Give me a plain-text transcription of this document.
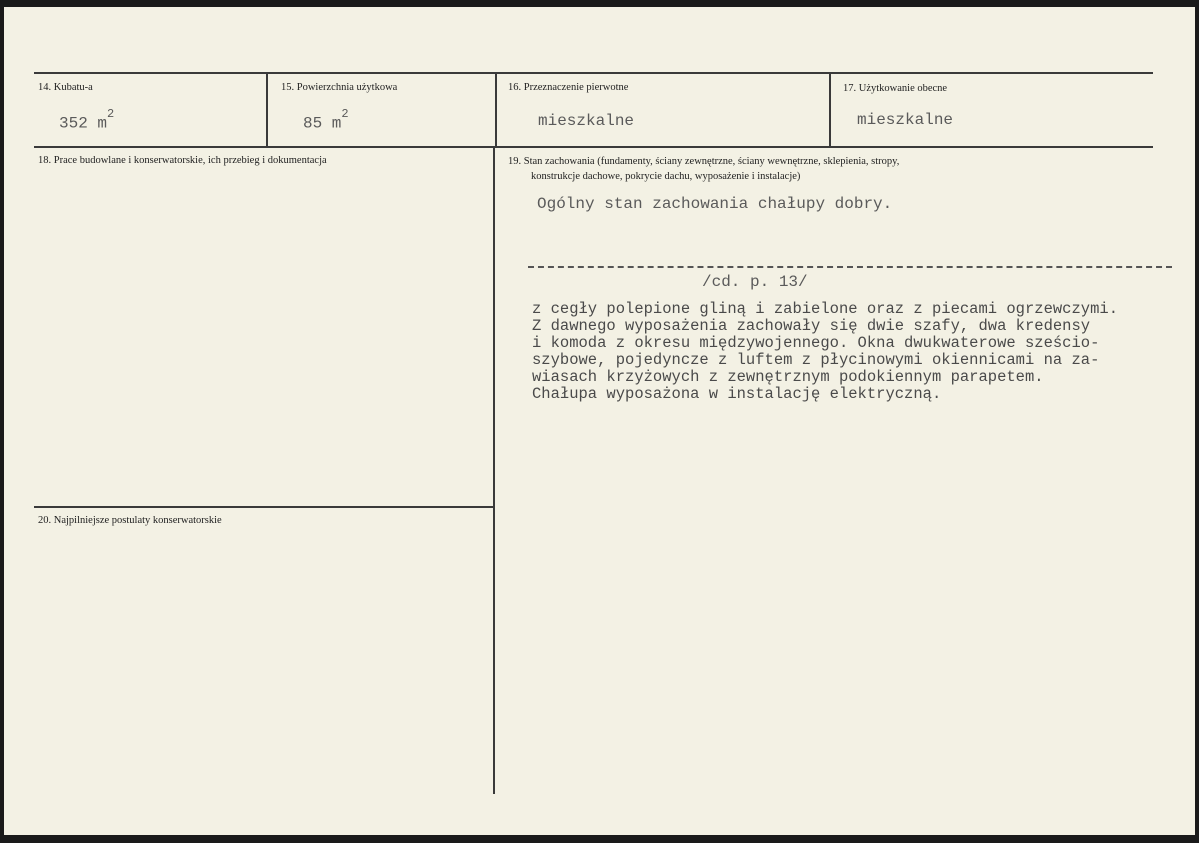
14. Kubatu‐a

352 $m^2$

15. Powierzchnia użytkowa

85 $m^2$

16. Przeznaczenie pierwotne

mieszkalne

17. Użytkowanie obecne

mieszkalne

18. Prace budowlane i konserwatorskie, ich przebieg i dokumentacja	19. Stan zachowania (fundamenty, ściany zewnętrzne, ściany wewnętrzne, sklepienia, stropy,

konstrukcje dachowe, pokrycie dachu, wyposażenie i instalacje)

Ogólny stan zachowania chałupy dobry.

/cd. p. 13/

z cegły polepione gliną i zabielone oraz z piecami ogrzewczymi.

Z dawnego wyposażenia zachowały się dwie szafy, dwa kredensy

i komoda z okresu międzywojennego. Okna dwukwaterowe sześcio-

szybowe, pojedyncze z luftem z płycinowymi okiennicami na za-

wiasach krzyżowych z zewnętrznym podokiennym parapetem.

Chałupa wyposażona w instalację elektryczną.

20. Najpilniejsze postulaty konserwatorskie
